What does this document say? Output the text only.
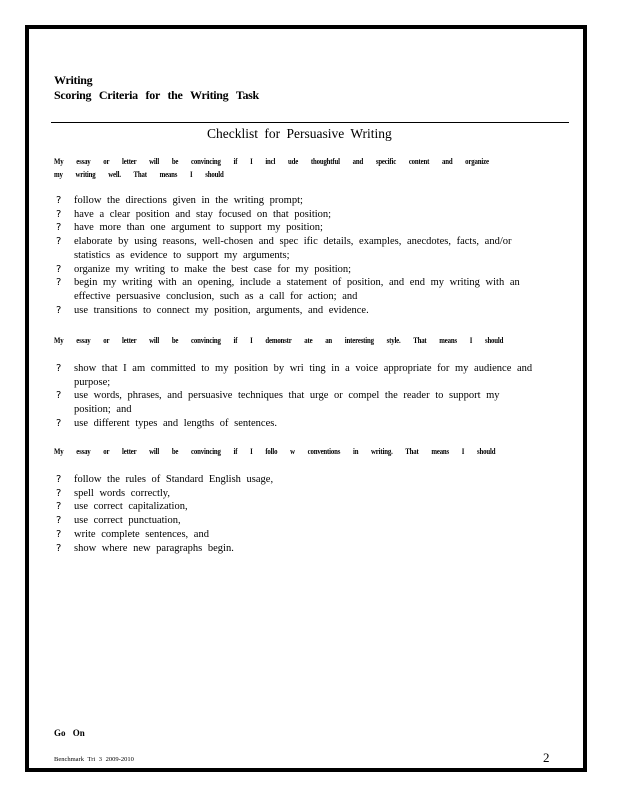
Writing
Scoring Criteria for the Writing Task
Checklist for Persuasive Writing
My essay or letter will be convincing if I incl ude thoughtful and specific content and organize
my writing well. That means I should
? follow the directions given in the writing prompt;
? have a clear position and stay focused on that position;
? have more than one argument to support my position;
? elaborate by using reasons, well-chosen and spec ific details, examples, anecdotes, facts, and/or statistics as evidence to support my arguments;
? organize my writing to make the best case for my position;
? begin my writing with an opening, include a statement of position, and end my writing with an effective persuasive conclusion, such as a call for action; and
? use transitions to connect my position, arguments, and evidence.
My essay or letter will be convincing if I demonstr ate an interesting style. That means I should
? show that I am committed to my position by wri ting in a voice appropriate for my audience and purpose;
? use words, phrases, and persuasive techniques that urge or compel the reader to support my position; and
? use different types and lengths of sentences.
My essay or letter will be convincing if I follo w conventions in writing. That means I should
? follow the rules of Standard English usage,
? spell words correctly,
? use correct capitalization,
? use correct punctuation,
? write complete sentences, and
? show where new paragraphs begin.
Go On
Benchmark Tri 3 2009-2010	2
